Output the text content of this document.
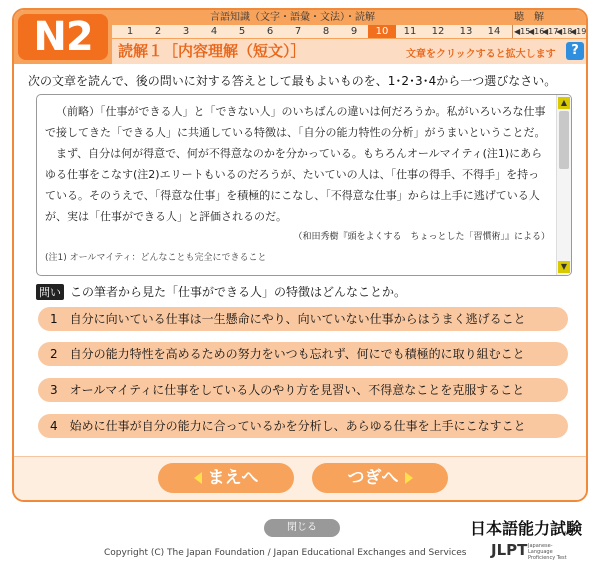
N2	言語知識（文字・語彙・文法）・読解	聴　解
1	2	3	4	5	6	7	8	9	10	11	12	13	14	◀15
◀16
◀17
◀18
◀19
読解１［内容理解（短文）］	文章をクリックすると拡大します	?
次の文章を読んで、後の問いに対する答えとして最もよいものを、1･2･3･4から一つ選びなさい。

（前略）「仕事ができる人」と「できない人」のいちばんの違いは何だろうか。私がいろいろな仕事で接してきた「できる人」に共通している特徴は、「自分の能力特性の分析」がうまいということだ。

まず、自分は何が得意で、何が不得意なのかを分かっている。もちろんオールマイティ(注1)にあらゆる仕事をこなす(注2)エリートもいるのだろうが、たいていの人は、「仕事の得手、不得手」を持っている。そのうえで、「得意な仕事」を積極的にこなし、「不得意な仕事」からは上手に逃げている人が、実は「仕事ができる人」と評価されるのだ。

（和田秀樹『頭をよくする　ちょっとした「習慣術」』による）

(注1) オールマイティ：どんなことも完全にできること

▲
▼
問い この筆者から見た「仕事ができる人」の特徴はどんなことか。
1　自分に向いている仕事は一生懸命にやり、向いていない仕事からはうまく逃げること
2　自分の能力特性を高めるための努力をいつも忘れず、何にでも積極的に取り組むこと
3　オールマイティに仕事をしている人のやり方を見習い、不得意なことを克服すること
4　始めに仕事が自分の能力に合っているかを分析し、あらゆる仕事を上手にこなすこと
まえへ	つぎへ
閉じる
Copyright (C) The Japan Foundation / Japan Educational Exchanges and Services
日本語能力試験
JLPT Japanese-Language Proficiency Test
